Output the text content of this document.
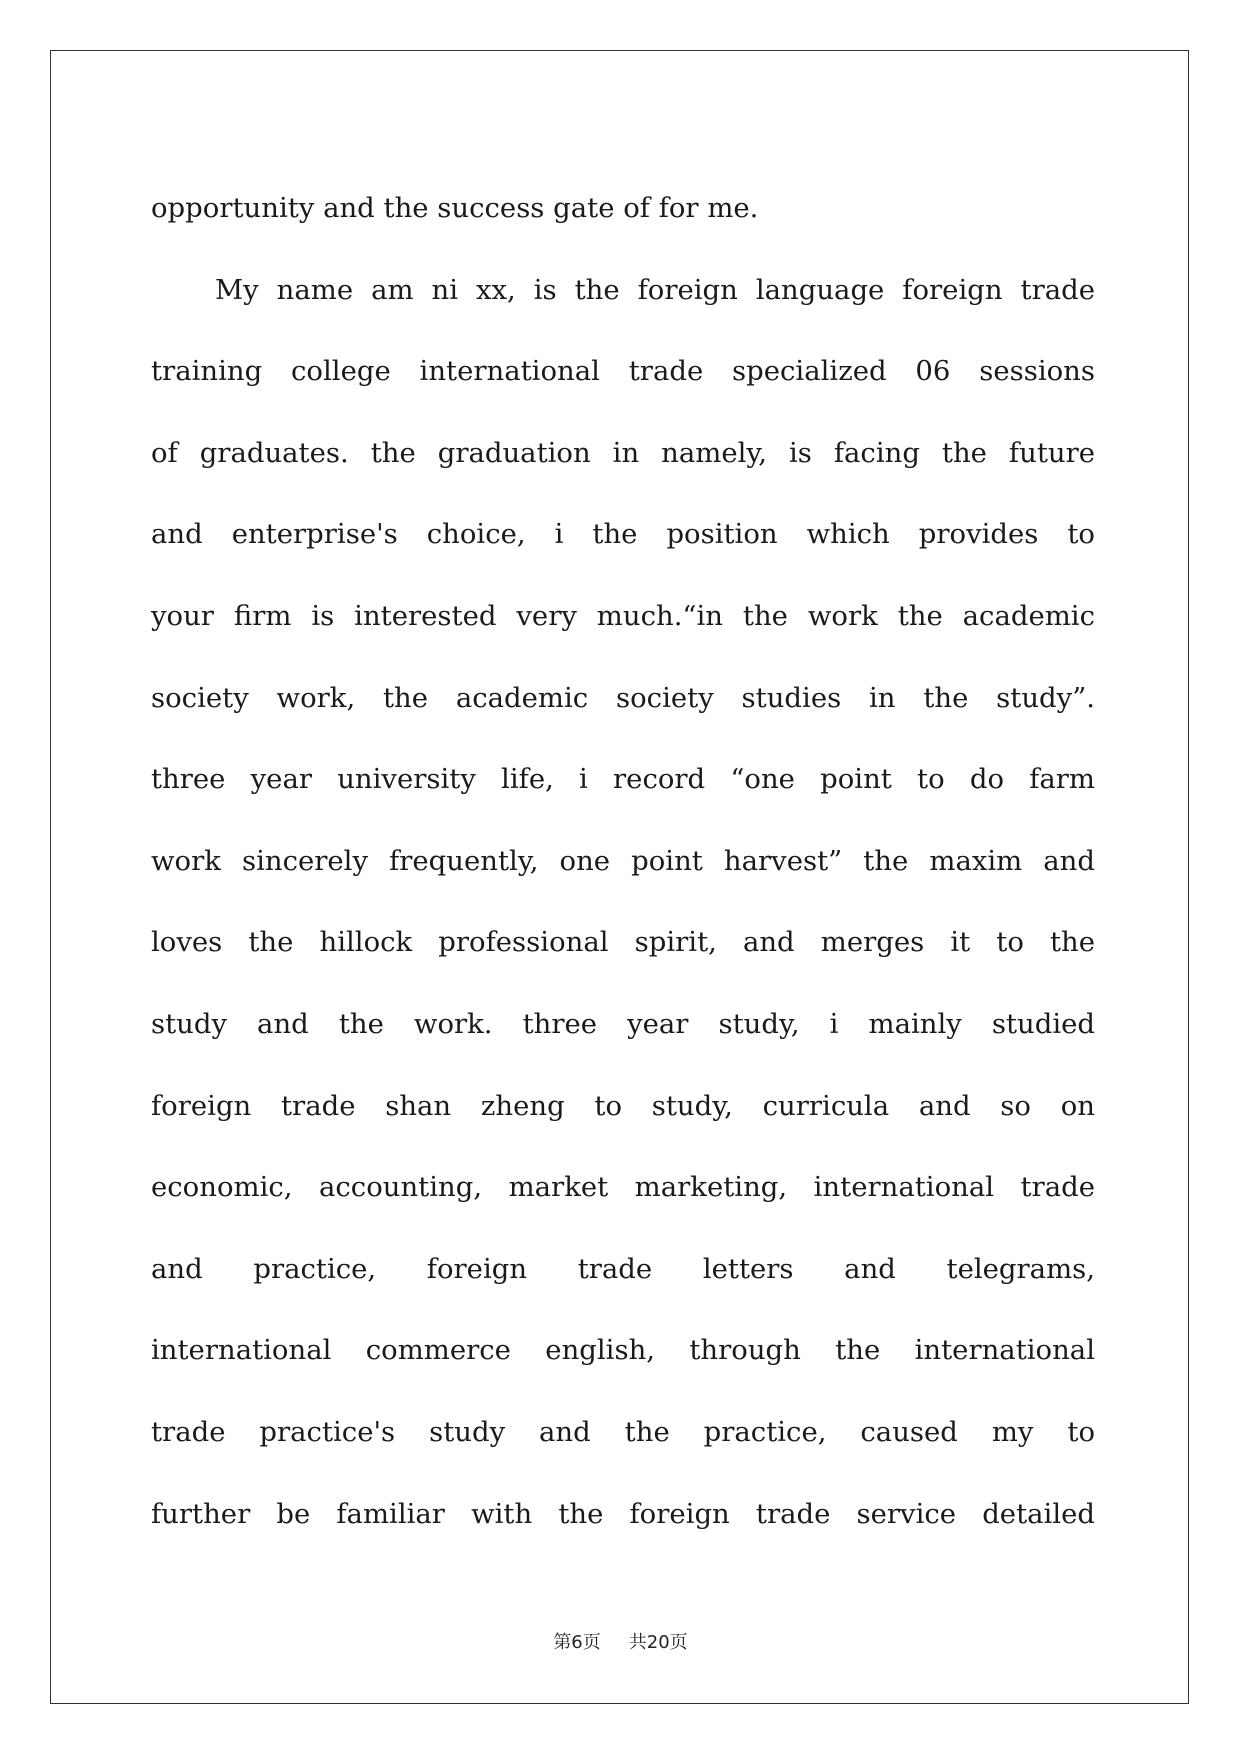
opportunity and the success gate of for me.
My name am ni xx, is the foreign language foreign trade
training college international trade specialized 06 sessions
of graduates. the graduation in namely, is facing the future
and enterprise's choice, i the position which provides to
your firm is interested very much.“in the work the academic
society work, the academic society studies in the study”.
three year university life, i record “one point to do farm
work sincerely frequently, one point harvest” the maxim and
loves the hillock professional spirit, and merges it to the
study and the work. three year study, i mainly studied
foreign trade shan zheng to study, curricula and so on
economic, accounting, market marketing, international trade
and practice, foreign trade letters and telegrams,
international commerce english, through the international
trade practice's study and the practice, caused my to
further be familiar with the foreign trade service detailed
第6页 共20页
